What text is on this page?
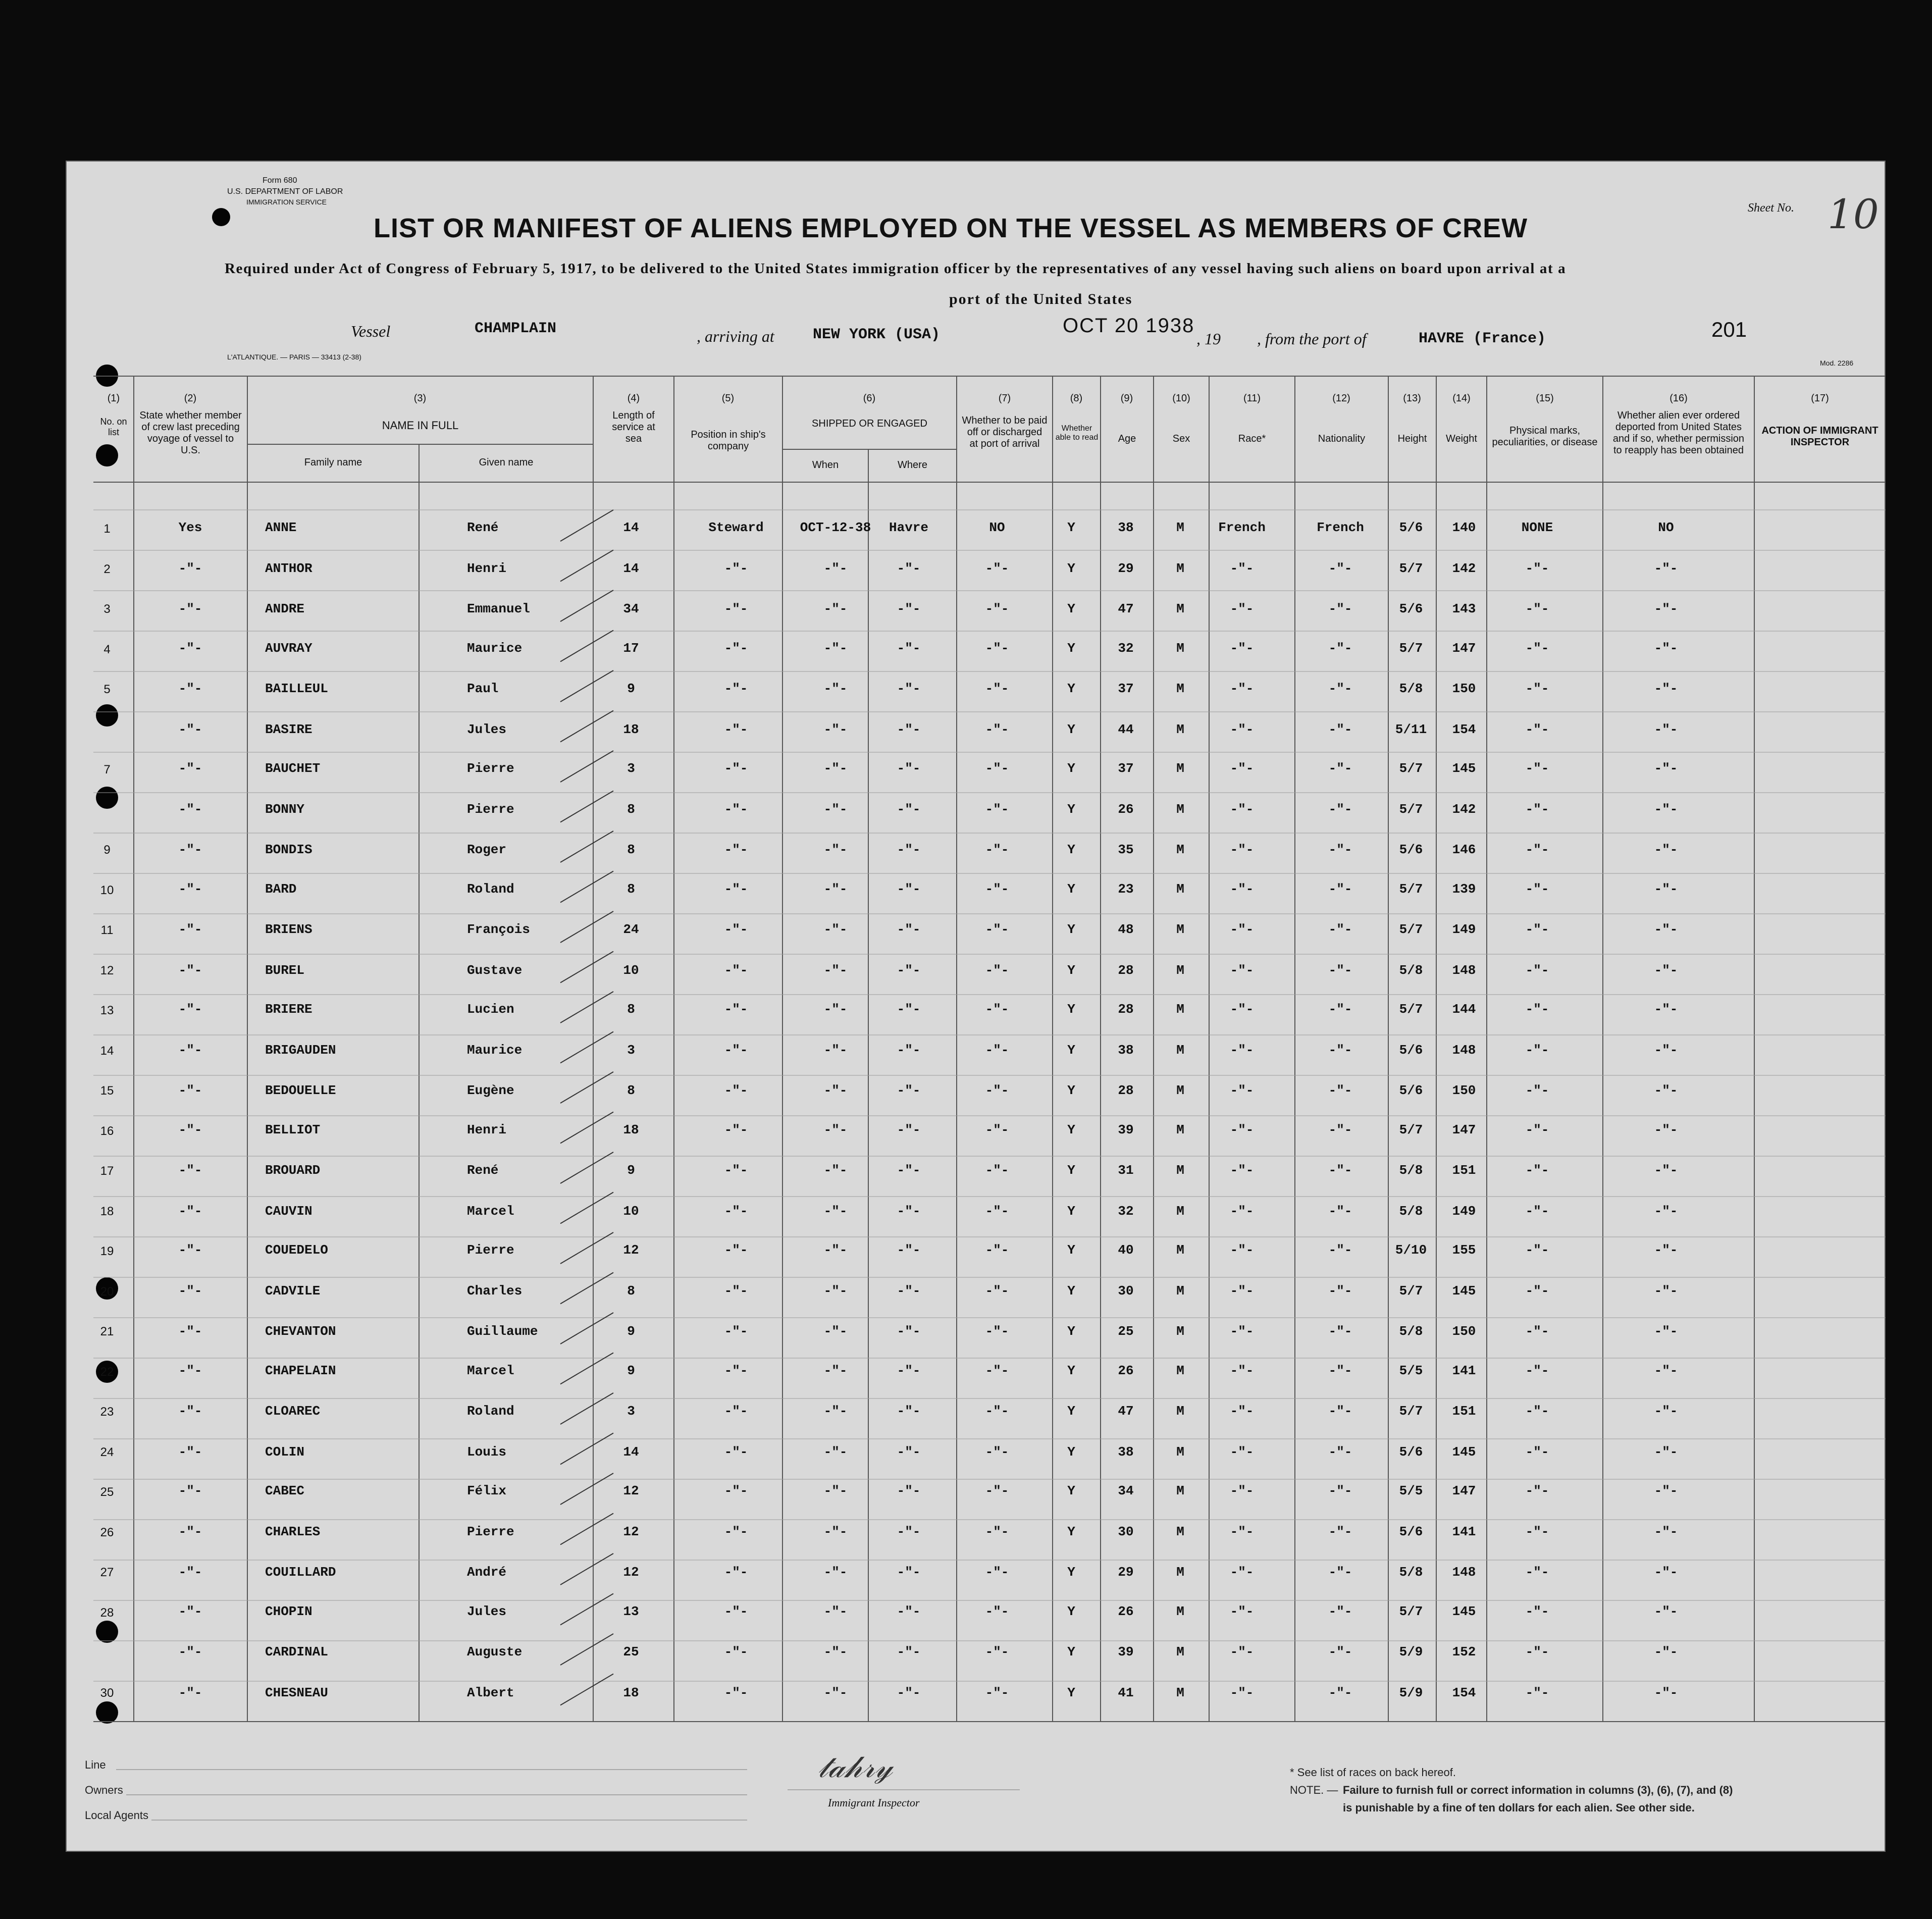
Form 680
U.S. DEPARTMENT OF LABOR
IMMIGRATION SERVICE
L'ATLANTIQUE. — PARIS — 33413 (2-38)
Mod. 2286
Sheet No. 10
LIST OR MANIFEST OF ALIENS EMPLOYED ON THE VESSEL AS MEMBERS OF CREW
Required under Act of Congress of February 5, 1917, to be delivered to the United States immigration officer by the representatives of any vessel having such aliens on board upon arrival at a
port of the United States
Vessel	CHAMPLAIN	, arriving at	NEW YORK (USA)	OCT 20 1938
, 19 , from the port of	HAVRE (France)	201
(1)	(2)	(3)	(4)	(5)	(6)	(7)	(8)	(9)	(10)	(11)	(12)	(13)	(14)	(15)	(16)	(17)
No. on list
State whether member of crew last preceding voyage of vessel to U.S.
NAME IN FULL
Family name	Given name
Length of service at sea	Position in ship's company
SHIPPED OR ENGAGED
When	Where
Whether to be paid off or discharged at port of arrival
Whether able to read	Age	Sex	Race*	Nationality	Height	Weight
Physical marks, peculiarities, or disease
Whether alien ever ordered deported from United States and if so, whether permission to reapply has been obtained
ACTION OF IMMIGRANT INSPECTOR
1	Yes	ANNE	René	14	Steward	OCT-12-38 Havre	NO	Y	38	M	French	French	5/6 140	NONE	NO
2	-"-	ANTHOR	Henri	14	-"-	-"-	-"-	-"-	Y	29	M	-"-	-"-	5/7 142	-"-	-"-
3	-"-	ANDRE	Emmanuel	34	-"-	-"-	-"-	-"-	Y	47	M	-"-	-"-	5/6 143	-"-	-"-
4	-"-	AUVRAY	Maurice	17	-"-	-"-	-"-	-"-	Y	32	M	-"-	-"-	5/7 147	-"-	-"-
5	-"-	BAILLEUL	Paul	9	-"-	-"-	-"-	-"-	Y	37	M	-"-	-"-	5/8 150	-"-	-"-
-"-	BASIRE	Jules	18	-"-	-"-	-"-	-"-	Y	44	M	-"-	-"-	5/11 154	-"-	-"-
7	-"-	BAUCHET	Pierre	3	-"-	-"-	-"-	-"-	Y	37	M	-"-	-"-	5/7 145	-"-	-"-
-"-	BONNY	Pierre	8	-"-	-"-	-"-	-"-	Y	26	M	-"-	-"-	5/7 142	-"-	-"-
9	-"-	BONDIS	Roger	8	-"-	-"-	-"-	-"-	Y	35	M	-"-	-"-	5/6 146	-"-	-"-
10	-"-	BARD	Roland	8	-"-	-"-	-"-	-"-	Y	23	M	-"-	-"-	5/7 139	-"-	-"-
11	-"-	BRIENS	François	24	-"-	-"-	-"-	-"-	Y	48	M	-"-	-"-	5/7 149	-"-	-"-
12	-"-	BUREL	Gustave	10	-"-	-"-	-"-	-"-	Y	28	M	-"-	-"-	5/8 148	-"-	-"-
13	-"-	BRIERE	Lucien	8	-"-	-"-	-"-	-"-	Y	28	M	-"-	-"-	5/7 144	-"-	-"-
14	-"-	BRIGAUDEN	Maurice	3	-"-	-"-	-"-	-"-	Y	38	M	-"-	-"-	5/6 148	-"-	-"-
15	-"-	BEDOUELLE	Eugène	8	-"-	-"-	-"-	-"-	Y	28	M	-"-	-"-	5/6 150	-"-	-"-
16	-"-	BELLIOT	Henri	18	-"-	-"-	-"-	-"-	Y	39	M	-"-	-"-	5/7 147	-"-	-"-
17	-"-	BROUARD	René	9	-"-	-"-	-"-	-"-	Y	31	M	-"-	-"-	5/8 151	-"-	-"-
18	-"-	CAUVIN	Marcel	10	-"-	-"-	-"-	-"-	Y	32	M	-"-	-"-	5/8 149	-"-	-"-
19	-"-	COUEDELO	Pierre	12	-"-	-"-	-"-	-"-	Y	40	M	-"-	-"-	5/10 155	-"-	-"-
20	-"-	CADVILE	Charles	8	-"-	-"-	-"-	-"-	Y	30	M	-"-	-"-	5/7 145	-"-	-"-
21	-"-	CHEVANTON	Guillaume	9	-"-	-"-	-"-	-"-	Y	25	M	-"-	-"-	5/8 150	-"-	-"-
22	-"-	CHAPELAIN	Marcel	9	-"-	-"-	-"-	-"-	Y	26	M	-"-	-"-	5/5 141	-"-	-"-
23	-"-	CLOAREC	Roland	3	-"-	-"-	-"-	-"-	Y	47	M	-"-	-"-	5/7 151	-"-	-"-
24	-"-	COLIN	Louis	14	-"-	-"-	-"-	-"-	Y	38	M	-"-	-"-	5/6 145	-"-	-"-
25	-"-	CABEC	Félix	12	-"-	-"-	-"-	-"-	Y	34	M	-"-	-"-	5/5 147	-"-	-"-
26	-"-	CHARLES	Pierre	12	-"-	-"-	-"-	-"-	Y	30	M	-"-	-"-	5/6 141	-"-	-"-
27	-"-	COUILLARD	André	12	-"-	-"-	-"-	-"-	Y	29	M	-"-	-"-	5/8 148	-"-	-"-
28	-"-	CHOPIN	Jules	13	-"-	-"-	-"-	-"-	Y	26	M	-"-	-"-	5/7 145	-"-	-"-
-"-	CARDINAL	Auguste	25	-"-	-"-	-"-	-"-	Y	39	M	-"-	-"-	5/9 152	-"-	-"-
30	-"-	CHESNEAU	Albert	18	-"-	-"-	-"-	-"-	Y	41	M	-"-	-"-	5/9 154	-"-	-"-
Line
Owners
Local Agents
𝓉𝒶𝒽𝓇𝓎
Immigrant Inspector
* See list of races on back hereof.
NOTE. — Failure to furnish full or correct information in columns (3), (6), (7), and (8)
is punishable by a fine of ten dollars for each alien. See other side.
